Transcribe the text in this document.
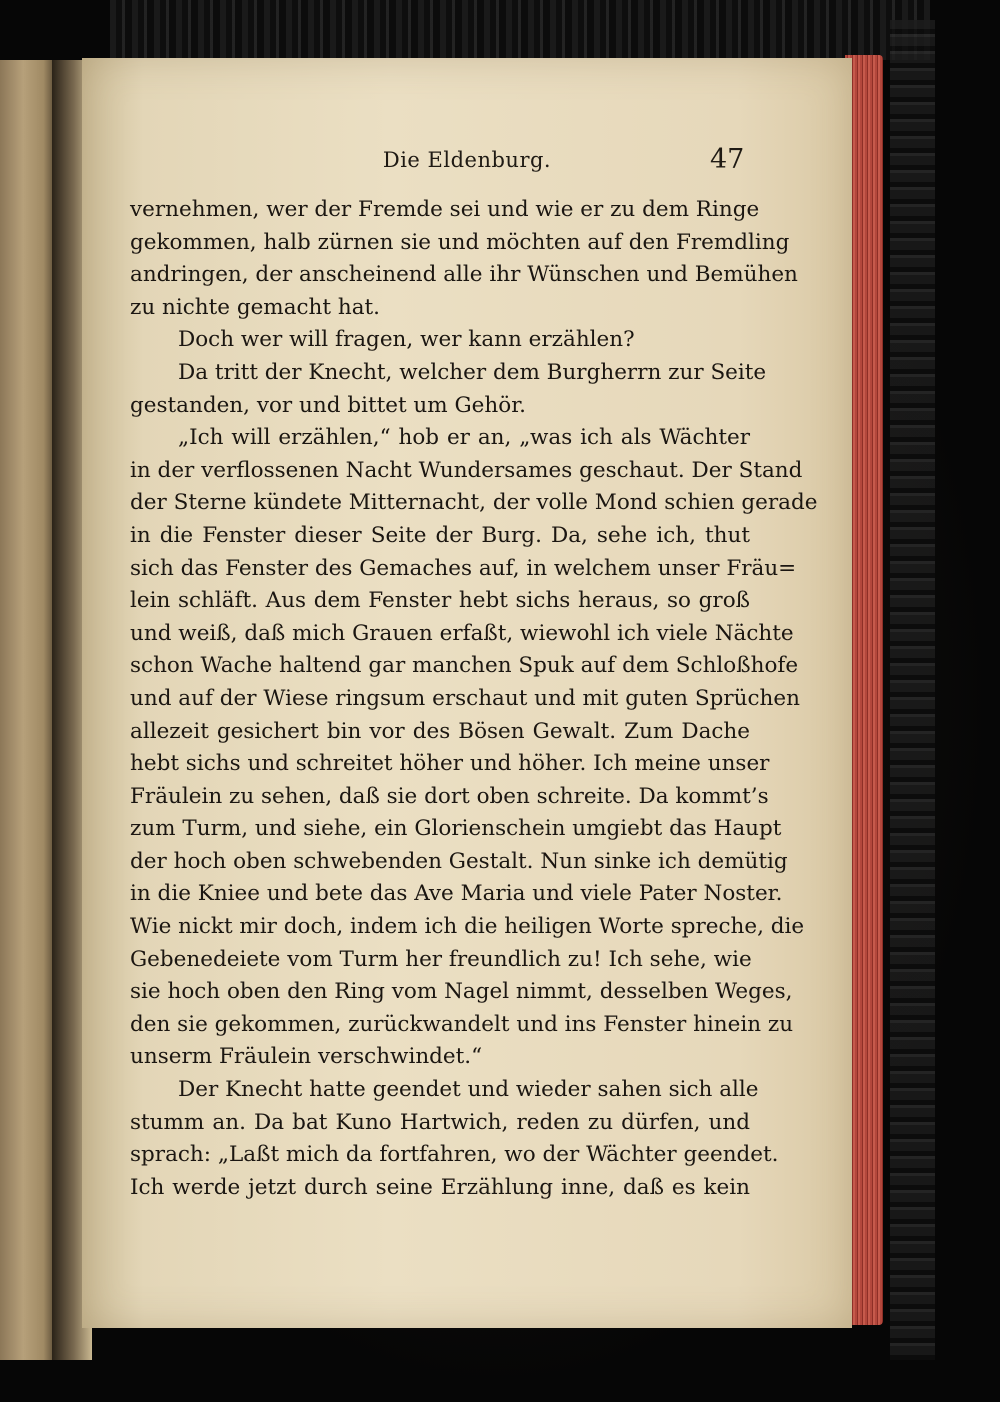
Die Eldenburg.	47
vernehmen, wer der Fremde sei und wie er zu dem Ringe
gekommen, halb zürnen sie und möchten auf den Fremdling
andringen, der anscheinend alle ihr Wünschen und Bemühen
zu nichte gemacht hat.
Doch wer will fragen, wer kann erzählen?
Da tritt der Knecht, welcher dem Burgherrn zur Seite
gestanden, vor und bittet um Gehör.
„Ich will erzählen,“ hob er an, „was ich als Wächter
in der verflossenen Nacht Wundersames geschaut. Der Stand
der Sterne kündete Mitternacht, der volle Mond schien gerade
in die Fenster dieser Seite der Burg. Da, sehe ich, thut
sich das Fenster des Gemaches auf, in welchem unser Fräu=
lein schläft. Aus dem Fenster hebt sichs heraus, so groß
und weiß, daß mich Grauen erfaßt, wiewohl ich viele Nächte
schon Wache haltend gar manchen Spuk auf dem Schloßhofe
und auf der Wiese ringsum erschaut und mit guten Sprüchen
allezeit gesichert bin vor des Bösen Gewalt. Zum Dache
hebt sichs und schreitet höher und höher. Ich meine unser
Fräulein zu sehen, daß sie dort oben schreite. Da kommt’s
zum Turm, und siehe, ein Glorienschein umgiebt das Haupt
der hoch oben schwebenden Gestalt. Nun sinke ich demütig
in die Kniee und bete das Ave Maria und viele Pater Noster.
Wie nickt mir doch, indem ich die heiligen Worte spreche, die
Gebenedeiete vom Turm her freundlich zu! Ich sehe, wie
sie hoch oben den Ring vom Nagel nimmt, desselben Weges,
den sie gekommen, zurückwandelt und ins Fenster hinein zu
unserm Fräulein verschwindet.“
Der Knecht hatte geendet und wieder sahen sich alle
stumm an. Da bat Kuno Hartwich, reden zu dürfen, und
sprach: „Laßt mich da fortfahren, wo der Wächter geendet.
Ich werde jetzt durch seine Erzählung inne, daß es kein
